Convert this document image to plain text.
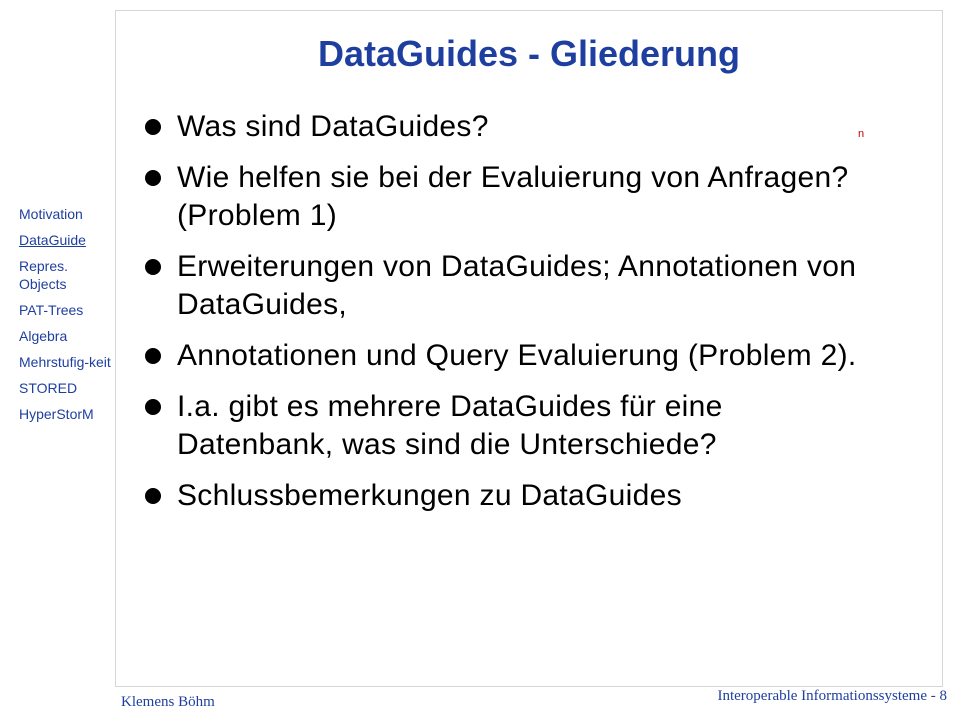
DataGuides - Gliederung
Was sind DataGuides?
Wie helfen sie bei der Evaluierung von Anfragen? (Problem 1)
Erweiterungen von DataGuides; Annotationen von DataGuides,
Annotationen und Query Evaluierung (Problem 2).
I.a. gibt es mehrere DataGuides für eine Datenbank, was sind die Unterschiede?
Schlussbemerkungen zu DataGuides
n
Motivation
DataGuide
Repres. Objects
PAT-Trees
Algebra
Mehrstufig-keit
STORED
HyperStorM
Klemens Böhm	Interoperable Informationssysteme - 8
